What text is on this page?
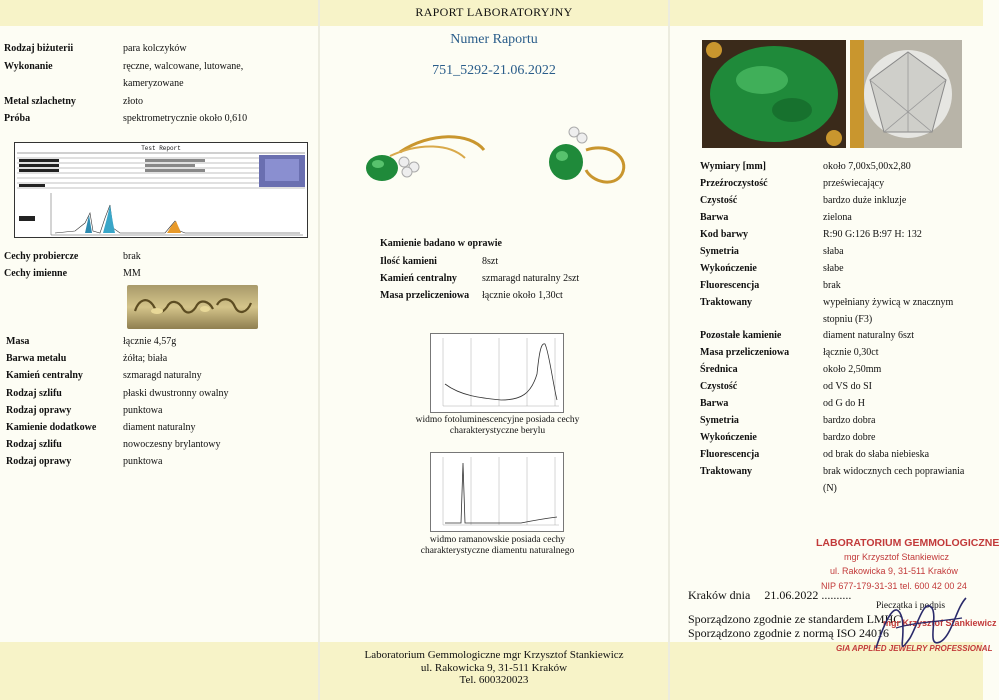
RAPORT LABORATORYJNY
Numer Raportu
751_5292-21.06.2022
Rodzaj biżuterii	para kolczyków
Wykonanie	ręczne, walcowane, lutowane,
kameryzowane
Metal szlachetny	złoto
Próba	spektrometrycznie około 0,610
Test Report
Cechy probiercze	brak
Cechy imienne	MM
Masa	łącznie 4,57g
Barwa metalu	żółta; biała
Kamień centralny	szmaragd naturalny
Rodzaj szlifu	płaski dwustronny owalny
Rodzaj oprawy	punktowa
Kamienie dodatkowe	diament naturalny
Rodzaj szlifu	nowoczesny brylantowy
Rodzaj oprawy	punktowa
Kamienie badano w oprawie
Ilość kamieni	8szt
Kamień centralny	szmaragd naturalny 2szt
Masa przeliczeniowa łącznie około 1,30ct
widmo fotoluminescencyjne posiada cechy
charakterystyczne berylu
widmo ramanowskie posiada cechy
charakterystyczne diamentu naturalnego
Wymiary [mm]	około 7,00x5,00x2,80
Przeźroczystość	przeświecający
Czystość	bardzo duże inkluzje
Barwa	zielona
Kod barwy	R:90 G:126 B:97 H: 132
Symetria	słaba
Wykończenie	słabe
Fluorescencja	brak
Traktowany	wypełniany żywicą w znacznym
stopniu (F3)
Pozostałe kamienie	diament naturalny 6szt
Masa przeliczeniowa	łącznie 0,30ct
Średnica	około 2,50mm
Czystość	od VS do SI
Barwa	od G do H
Symetria	bardzo dobra
Wykończenie	bardzo dobre
Fluorescencja	od brak do słaba niebieska
Traktowany	brak widocznych cech poprawiania
(N)
LABORATORIUM GEMMOLOGICZNE
mgr Krzysztof Stankiewicz
ul. Rakowicka 9, 31-511 Kraków
NIP 677-179-31-31 tel. 600 42 00 24
Kraków dnia 21.06.2022 ..........
Pieczątka i podpis
Sporządzono zgodnie ze standardem LMHC
Sporządzono zgodnie z normą ISO 24016
mgr Krzysztof Stankiewicz
GIA APPLIED JEWELRY PROFESSIONAL
Laboratorium Gemmologiczne mgr Krzysztof Stankiewicz
ul. Rakowicka 9, 31-511 Kraków
Tel. 600320023
